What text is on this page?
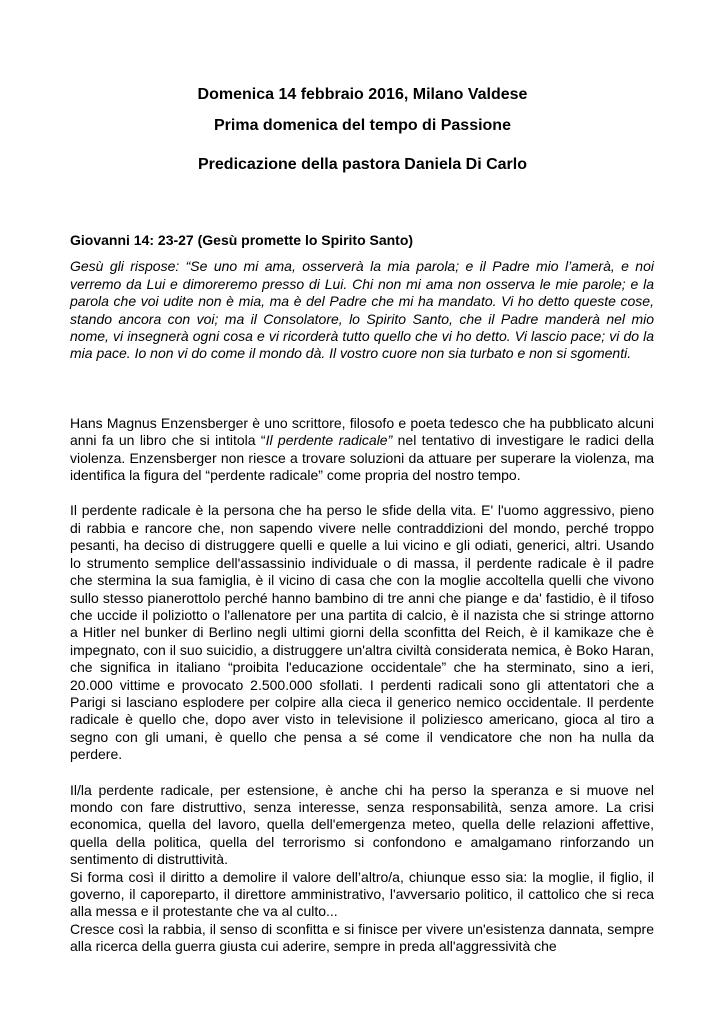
Domenica 14 febbraio 2016, Milano Valdese

Prima domenica del tempo di Passione

Predicazione della pastora Daniela Di Carlo

Giovanni 14: 23-27 (Gesù promette lo Spirito Santo)

Gesù gli rispose: “Se uno mi ama, osserverà la mia parola; e il Padre mio l’amerà, e noi verremo da Lui e dimoreremo presso di Lui. Chi non mi ama non osserva le mie parole; e la parola che voi udite non è mia, ma è del Padre che mi ha mandato. Vi ho detto queste cose, stando ancora con voi; ma il Consolatore, lo Spirito Santo, che il Padre manderà nel mio nome, vi insegnerà ogni cosa e vi ricorderà tutto quello che vi ho detto. Vi lascio pace; vi do la mia pace. Io non vi do come il mondo dà. Il vostro cuore non sia turbato e non si sgomenti.

Hans Magnus Enzensberger è uno scrittore, filosofo e poeta tedesco che ha pubblicato alcuni anni fa un libro che si intitola “Il perdente radicale” nel tentativo di investigare le radici della violenza. Enzensberger non riesce a trovare soluzioni da attuare per superare la violenza, ma identifica la figura del “perdente radicale” come propria del nostro tempo.

Il perdente radicale è la persona che ha perso le sfide della vita. E' l'uomo aggressivo, pieno di rabbia e rancore che, non sapendo vivere nelle contraddizioni del mondo, perché troppo pesanti, ha deciso di distruggere quelli e quelle a lui vicino e gli odiati, generici, altri. Usando lo strumento semplice dell'assassinio individuale o di massa, il perdente radicale è il padre che stermina la sua famiglia, è il vicino di casa che con la moglie accoltella quelli che vivono sullo stesso pianerottolo perché hanno bambino di tre anni che piange e da' fastidio, è il tifoso che uccide il poliziotto o l'allenatore per una partita di calcio, è il nazista che si stringe attorno a Hitler nel bunker di Berlino negli ultimi giorni della sconfitta del Reich, è il kamikaze che è impegnato, con il suo suicidio, a distruggere un'altra civiltà considerata nemica, è Boko Haran, che significa in italiano “proibita l'educazione occidentale” che ha sterminato, sino a ieri, 20.000 vittime e provocato 2.500.000 sfollati. I perdenti radicali sono gli attentatori che a Parigi si lasciano esplodere per colpire alla cieca il generico nemico occidentale. Il perdente radicale è quello che, dopo aver visto in televisione il poliziesco americano, gioca al tiro a segno con gli umani, è quello che pensa a sé come il vendicatore che non ha nulla da perdere.

Il/la perdente radicale, per estensione, è anche chi ha perso la speranza e si muove nel mondo con fare distruttivo, senza interesse, senza responsabilità, senza amore. La crisi economica, quella del lavoro, quella dell'emergenza meteo, quella delle relazioni affettive, quella della politica, quella del terrorismo si confondono e amalgamano rinforzando un sentimento di distruttività.

Si forma così il diritto a demolire il valore dell’altro/a, chiunque esso sia: la moglie, il figlio, il governo, il caporeparto, il direttore amministrativo, l'avversario politico, il cattolico che si reca alla messa e il protestante che va al culto...

Cresce così la rabbia, il senso di sconfitta e si finisce per vivere un'esistenza dannata, sempre alla ricerca della guerra giusta cui aderire, sempre in preda all'aggressività che
